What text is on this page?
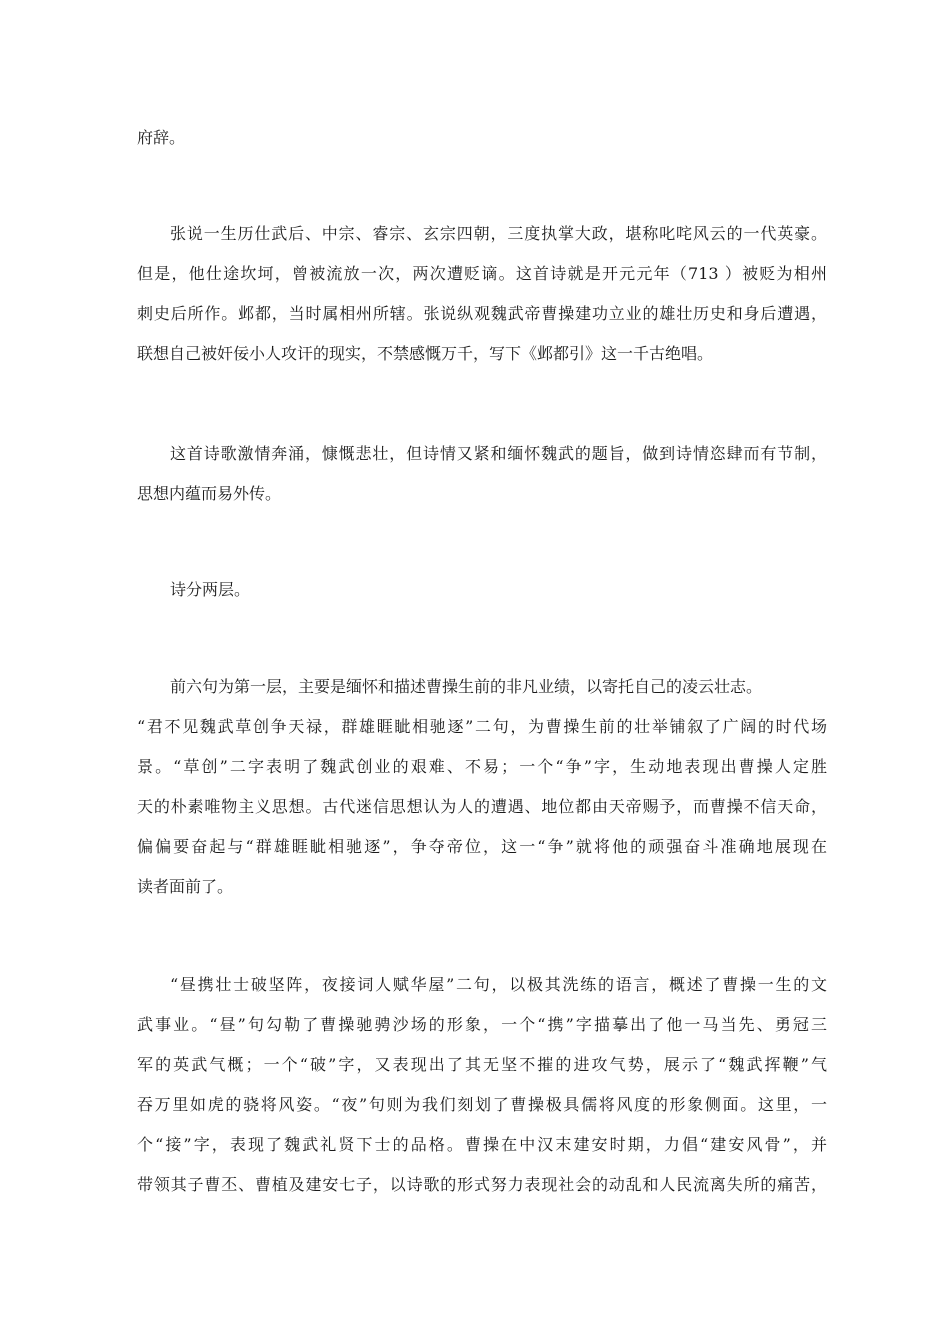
府辞。
张说一生历仕武后、中宗、睿宗、玄宗四朝，三度执掌大政，堪称叱咤风云的一代英豪。
但是，他仕途坎坷，曾被流放一次，两次遭贬谪。这首诗就是开元元年（713 ）被贬为相州
刺史后所作。邺都，当时属相州所辖。张说纵观魏武帝曹操建功立业的雄壮历史和身后遭遇，
联想自己被奸佞小人攻讦的现实，不禁感慨万千，写下《邺都引》这一千古绝唱。
这首诗歌激情奔涌，慷慨悲壮，但诗情又紧和缅怀魏武的题旨，做到诗情恣肆而有节制，
思想内蕴而易外传。
诗分两层。
前六句为第一层，主要是缅怀和描述曹操生前的非凡业绩，以寄托自己的凌云壮志。
“君不见魏武草创争天禄，群雄睚眦相驰逐”二句，为曹操生前的壮举铺叙了广阔的时代场
景。“草创”二字表明了魏武创业的艰难、不易；一个“争”字，生动地表现出曹操人定胜
天的朴素唯物主义思想。古代迷信思想认为人的遭遇、地位都由天帝赐予，而曹操不信天命，
偏偏要奋起与“群雄睚眦相驰逐”，争夺帝位，这一“争”就将他的顽强奋斗准确地展现在
读者面前了。
“昼携壮士破坚阵，夜接词人赋华屋”二句，以极其洗练的语言，概述了曹操一生的文
武事业。“昼”句勾勒了曹操驰骋沙场的形象，一个“携”字描摹出了他一马当先、勇冠三
军的英武气概；一个“破”字，又表现出了其无坚不摧的进攻气势，展示了“魏武挥鞭”气
吞万里如虎的骁将风姿。“夜”句则为我们刻划了曹操极具儒将风度的形象侧面。这里，一
个“接”字，表现了魏武礼贤下士的品格。曹操在中汉末建安时期，力倡“建安风骨”，并
带领其子曹丕、曹植及建安七子，以诗歌的形式努力表现社会的动乱和人民流离失所的痛苦，
